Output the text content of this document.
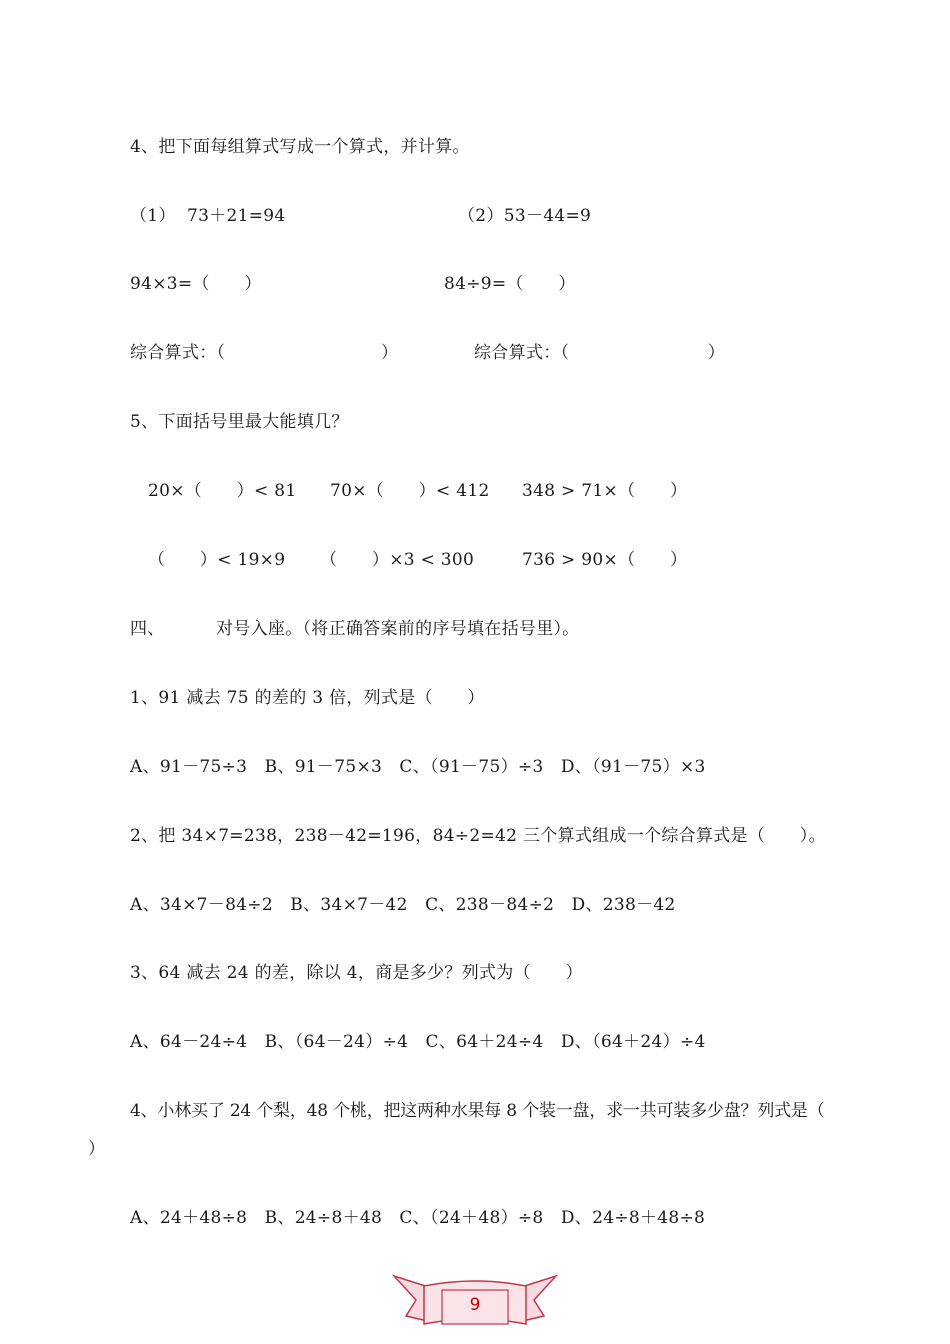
4、把下面每组算式写成一个算式，并计算。
（1） 73＋21=94	（2）53－44=9
94×3=（　　）	84÷9=（　　）
综合算式：（　　　　　　　　　）	综合算式：（　　　　　　　　）
5、下面括号里最大能填几？
20×（　　）< 81 70×（　　）< 412 348 > 71×（　　）
（　　）< 19×9 （　　）×3 < 300	736 > 90×（　　）
四、	对号入座。（将正确答案前的序号填在括号里）。
1、91 减去 75 的差的 3 倍，列式是（　　）
A、91－75÷3　B、91－75×3　C、（91－75）÷3　D、（91－75）×3
2、把 34×7=238，238－42=196，84÷2=42 三个算式组成一个综合算式是（　　）。
A、34×7－84÷2　B、34×7－42　C、238－84÷2　D、238－42
3、64 减去 24 的差，除以 4，商是多少？列式为（　　）
A、64－24÷4　B、（64－24）÷4　C、64＋24÷4　D、（64＋24）÷4
4、小林买了 24 个梨，48 个桃，把这两种水果每 8 个装一盘，求一共可装多少盘？列式是（
）
A、24＋48÷8　B、24÷8＋48　C、（24＋48）÷8　D、24÷8＋48÷8
9
